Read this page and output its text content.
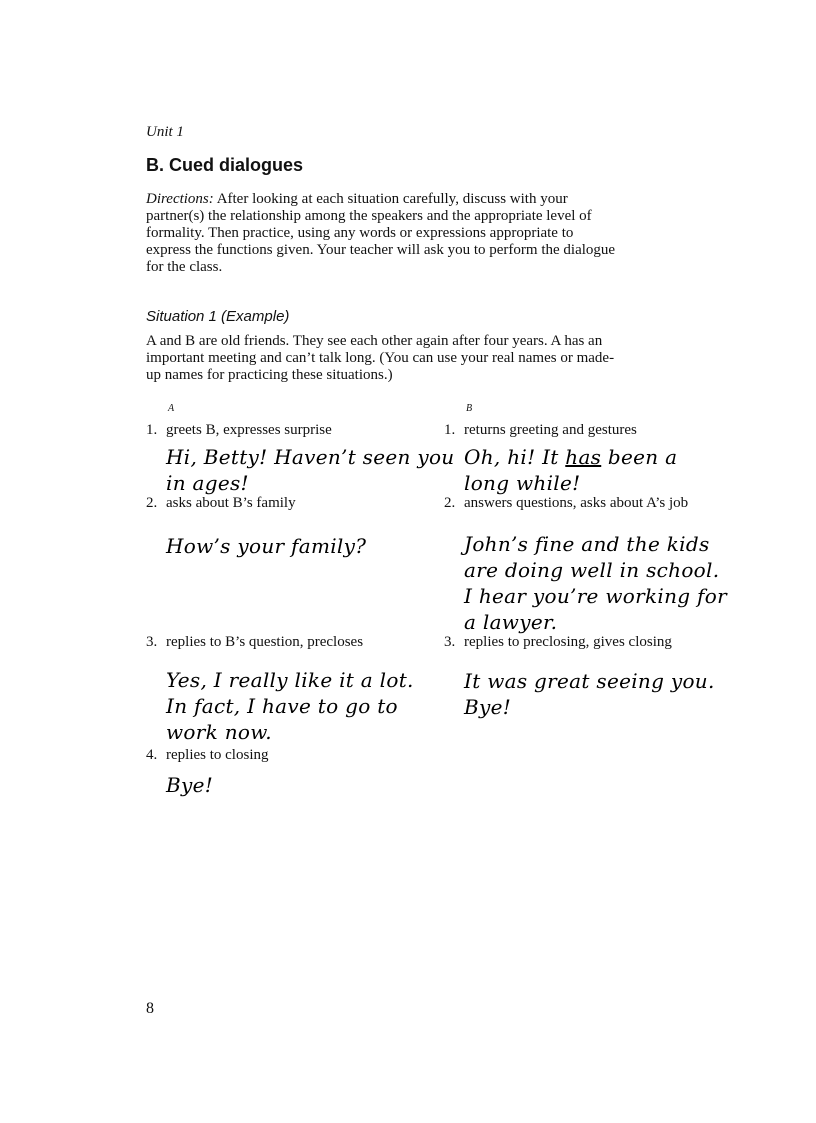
Unit 1
B. Cued dialogues
Directions: After looking at each situation carefully, discuss with your partner(s) the relationship among the speakers and the appropriate level of formality. Then practice, using any words or expressions appropriate to express the functions given. Your teacher will ask you to perform the dialogue for the class.
Situation 1 (Example)
A and B are old friends. They see each other again after four years. A has an important meeting and can’t talk long. (You can use your real names or made-up names for practicing these situations.)
A
1. greets B, expresses surprise
Hi, Betty! Haven’t seen you
in ages!
2. asks about B’s family
How’s your family?
3. replies to B’s question, precloses
Yes, I really like it a lot.
In fact, I have to go to
work now.
4. replies to closing
Bye!
B
1. returns greeting and gestures
Oh, hi! It has been a
long while!
2. answers questions, asks about A’s job
John’s fine and the kids
are doing well in school.
I hear you’re working for
a lawyer.
3. replies to preclosing, gives closing
It was great seeing you.
Bye!
8
